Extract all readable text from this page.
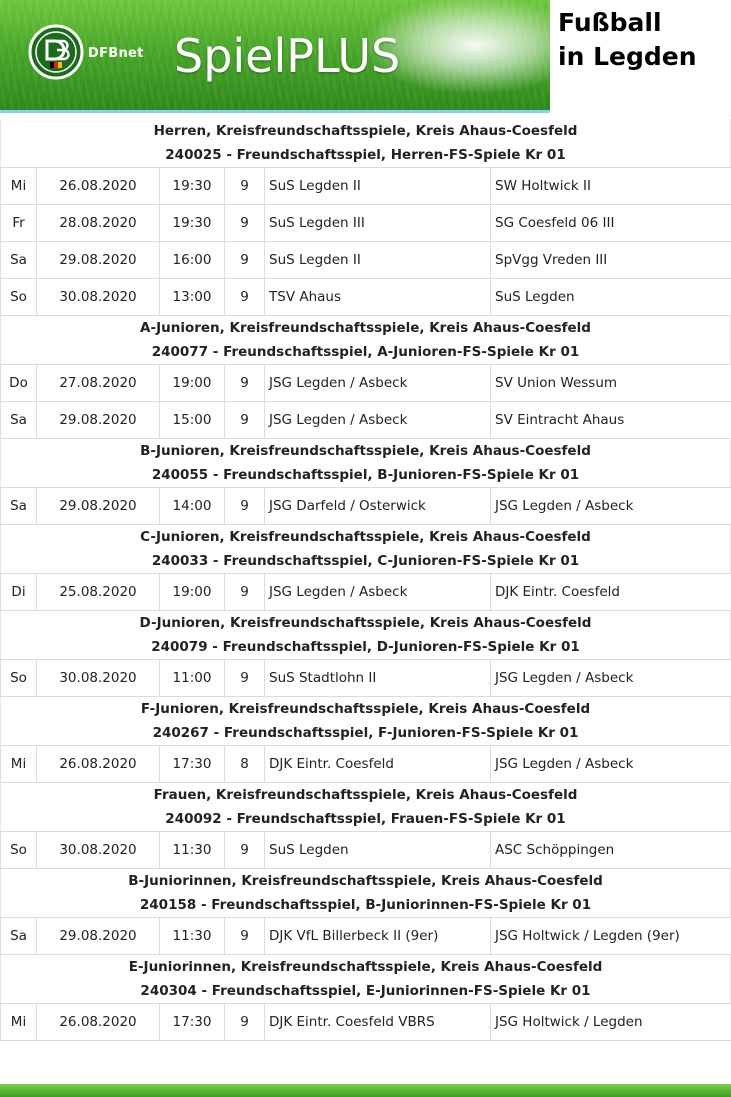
DFBnet SpielPLUS
Fußball
in Legden
Herren, Kreisfreundschaftsspiele, Kreis Ahaus-Coesfeld
240025 - Freundschaftsspiel, Herren-FS-Spiele Kr 01
Mi	26.08.2020	19:30	9	SuS Legden II	SW Holtwick II
Fr	28.08.2020	19:30	9	SuS Legden III	SG Coesfeld 06 III
Sa	29.08.2020	16:00	9	SuS Legden II	SpVgg Vreden III
So	30.08.2020	13:00	9	TSV Ahaus	SuS Legden
A-Junioren, Kreisfreundschaftsspiele, Kreis Ahaus-Coesfeld
240077 - Freundschaftsspiel, A-Junioren-FS-Spiele Kr 01
Do	27.08.2020	19:00	9	JSG Legden / Asbeck	SV Union Wessum
Sa	29.08.2020	15:00	9	JSG Legden / Asbeck	SV Eintracht Ahaus
B-Junioren, Kreisfreundschaftsspiele, Kreis Ahaus-Coesfeld
240055 - Freundschaftsspiel, B-Junioren-FS-Spiele Kr 01
Sa	29.08.2020	14:00	9	JSG Darfeld / Osterwick	JSG Legden / Asbeck
C-Junioren, Kreisfreundschaftsspiele, Kreis Ahaus-Coesfeld
240033 - Freundschaftsspiel, C-Junioren-FS-Spiele Kr 01
Di	25.08.2020	19:00	9	JSG Legden / Asbeck	DJK Eintr. Coesfeld
D-Junioren, Kreisfreundschaftsspiele, Kreis Ahaus-Coesfeld
240079 - Freundschaftsspiel, D-Junioren-FS-Spiele Kr 01
So	30.08.2020	11:00	9	SuS Stadtlohn II	JSG Legden / Asbeck
F-Junioren, Kreisfreundschaftsspiele, Kreis Ahaus-Coesfeld
240267 - Freundschaftsspiel, F-Junioren-FS-Spiele Kr 01
Mi	26.08.2020	17:30	8	DJK Eintr. Coesfeld	JSG Legden / Asbeck
Frauen, Kreisfreundschaftsspiele, Kreis Ahaus-Coesfeld
240092 - Freundschaftsspiel, Frauen-FS-Spiele Kr 01
So	30.08.2020	11:30	9	SuS Legden	ASC Schöppingen
B-Juniorinnen, Kreisfreundschaftsspiele, Kreis Ahaus-Coesfeld
240158 - Freundschaftsspiel, B-Juniorinnen-FS-Spiele Kr 01
Sa	29.08.2020	11:30	9	DJK VfL Billerbeck II (9er)	JSG Holtwick / Legden (9er)
E-Juniorinnen, Kreisfreundschaftsspiele, Kreis Ahaus-Coesfeld
240304 - Freundschaftsspiel, E-Juniorinnen-FS-Spiele Kr 01
Mi	26.08.2020	17:30	9	DJK Eintr. Coesfeld VBRS	JSG Holtwick / Legden
